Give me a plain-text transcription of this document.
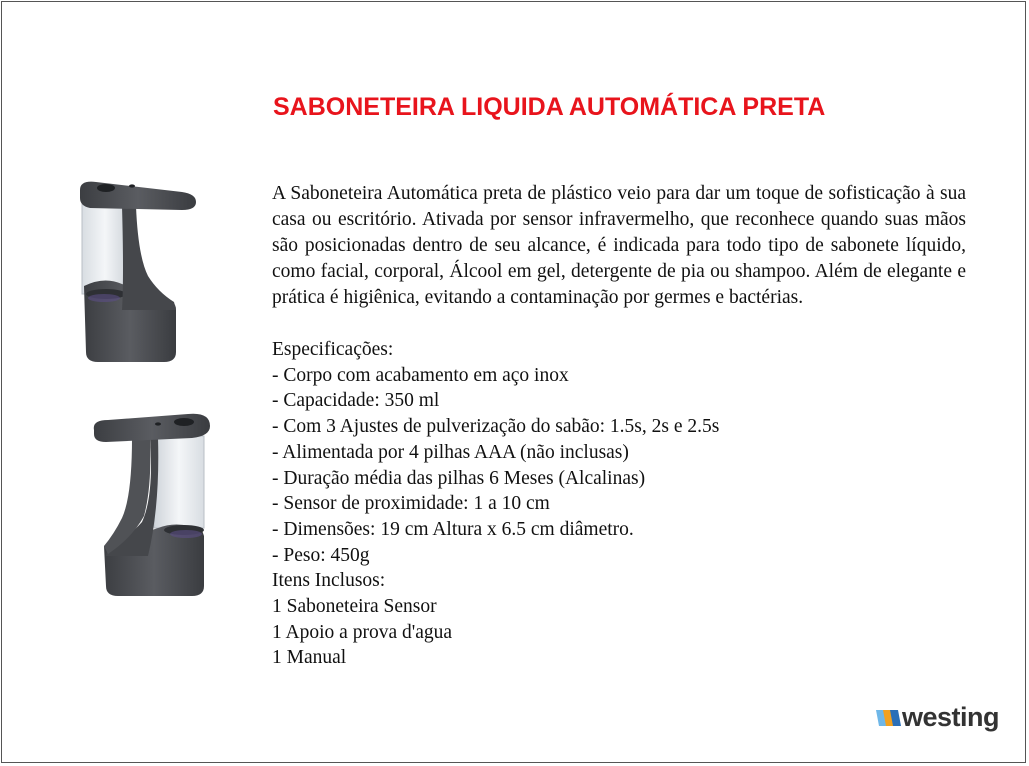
SABONETEIRA LIQUIDA AUTOMÁTICA PRETA

A Saboneteira Automática preta de plástico veio para dar um toque de sofisticação à sua casa ou escritório. Ativada por sensor infravermelho, que reconhece quando suas mãos são posicionadas dentro de seu alcance, é indicada para todo tipo de sabonete líquido, como facial, corporal, Álcool em gel, detergente de pia ou shampoo. Além de elegante e prática é higiênica, evitando a contaminação por germes e bactérias.

Especificações:
- Corpo com acabamento em aço inox
- Capacidade: 350 ml
- Com 3 Ajustes de pulverização do sabão: 1.5s, 2s e 2.5s
- Alimentada por 4 pilhas AAA (não inclusas)
- Duração média das pilhas 6 Meses (Alcalinas)
- Sensor de proximidade: 1 a 10 cm
- Dimensões: 19 cm Altura x 6.5 cm diâmetro.
- Peso: 450g
Itens Inclusos:
1 Saboneteira Sensor
1 Apoio a prova d'agua
1 Manual
westing
